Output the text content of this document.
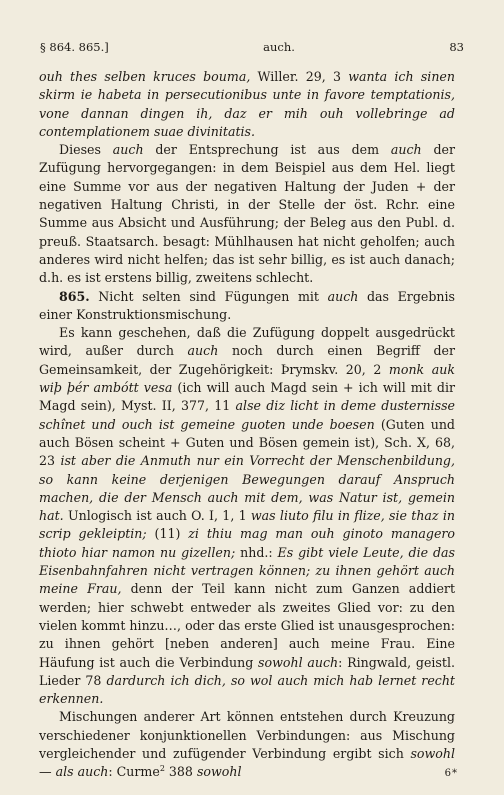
§ 864. 865.]	auch.	83

ouh thes selben kruces bouma, Willer. 29, 3 wanta ich sinen skirm ie habeta in persecutionibus unte in favore temptationis, vone dannan dingen ih, daz er mih ouh vollebringe ad contemplationem suae divinitatis.

Dieses auch der Entsprechung ist aus dem auch der Zufügung hervorgegangen: in dem Beispiel aus dem Hel. liegt eine Summe vor aus der negativen Haltung der Juden + der negativen Haltung Christi, in der Stelle der öst. Rchr. eine Summe aus Absicht und Ausführung; der Beleg aus den Publ. d. preuß. Staatsarch. besagt: Mühlhausen hat nicht geholfen; auch anderes wird nicht helfen; das ist sehr billig, es ist auch danach; d.h. es ist erstens billig, zweitens schlecht.

865. Nicht selten sind Fügungen mit auch das Ergebnis einer Konstruktionsmischung.

Es kann geschehen, daß die Zufügung doppelt ausgedrückt wird, außer durch auch noch durch einen Begriff der Gemeinsamkeit, der Zugehörigkeit: Þrymskv. 20, 2 monk auk wiþ þér ambótt vesa (ich will auch Magd sein + ich will mit dir Magd sein), Myst. II, 377, 11 alse diz licht in deme dusternisse schînet und ouch ist gemeine guoten unde boesen (Guten und auch Bösen scheint + Guten und Bösen gemein ist), Sch. X, 68, 23 ist aber die Anmuth nur ein Vorrecht der Menschenbildung, so kann keine derjenigen Bewegungen darauf Anspruch machen, die der Mensch auch mit dem, was Natur ist, gemein hat. Unlogisch ist auch O. I, 1, 1 was liuto filu in flize, sie thaz in scrip gekleiptin; (11) zi thiu mag man ouh ginoto managero thioto hiar namon nu gizellen; nhd.: Es gibt viele Leute, die das Eisenbahnfahren nicht vertragen können; zu ihnen gehört auch meine Frau, denn der Teil kann nicht zum Ganzen addiert werden; hier schwebt entweder als zweites Glied vor: zu den vielen kommt hinzu…, oder das erste Glied ist unausgesprochen: zu ihnen gehört [neben anderen] auch meine Frau. Eine Häufung ist auch die Verbindung sowohl auch: Ringwald, geistl. Lieder 78 dardurch ich dich, so wol auch mich hab lernet recht erkennen.

Mischungen anderer Art können entstehen durch Kreuzung verschiedener konjunktionellen Verbindungen: aus Mischung vergleichender und zufügender Verbindung ergibt sich sowohl — als auch: Curme$^2$ 388 sowohl	6*
